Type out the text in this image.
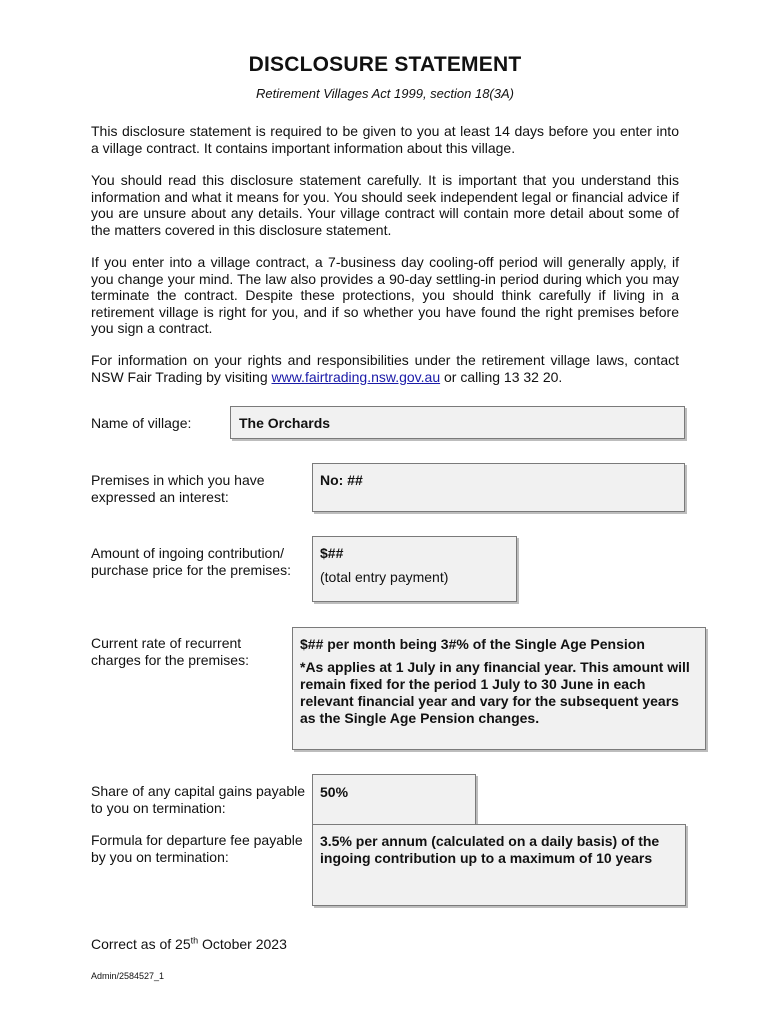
DISCLOSURE STATEMENT
Retirement Villages Act 1999, section 18(3A)
This disclosure statement is required to be given to you at least 14 days before you enter into a village contract. It contains important information about this village.
You should read this disclosure statement carefully. It is important that you understand this information and what it means for you. You should seek independent legal or financial advice if you are unsure about any details. Your village contract will contain more detail about some of the matters covered in this disclosure statement.
If you enter into a village contract, a 7-business day cooling-off period will generally apply, if you change your mind. The law also provides a 90-day settling-in period during which you may terminate the contract. Despite these protections, you should think carefully if living in a retirement village is right for you, and if so whether you have found the right premises before you sign a contract.
For information on your rights and responsibilities under the retirement village laws, contact NSW Fair Trading by visiting www.fairtrading.nsw.gov.au or calling 13 32 20.
Name of village:	The Orchards
Premises in which you have expressed an interest:
No: ##
Amount of ingoing contribution/ purchase price for the premises:
$##
(total entry payment)
Current rate of recurrent charges for the premises:
$## per month being 3#% of the Single Age Pension
*As applies at 1 July in any financial year. This amount will remain fixed for the period 1 July to 30 June in each relevant financial year and vary for the subsequent years as the Single Age Pension changes.
Share of any capital gains payable to you on termination:
50%
Formula for departure fee payable by you on termination:
3.5% per annum (calculated on a daily basis) of the ingoing contribution up to a maximum of 10 years
Correct as of 25th October 2023
Admin/2584527_1
